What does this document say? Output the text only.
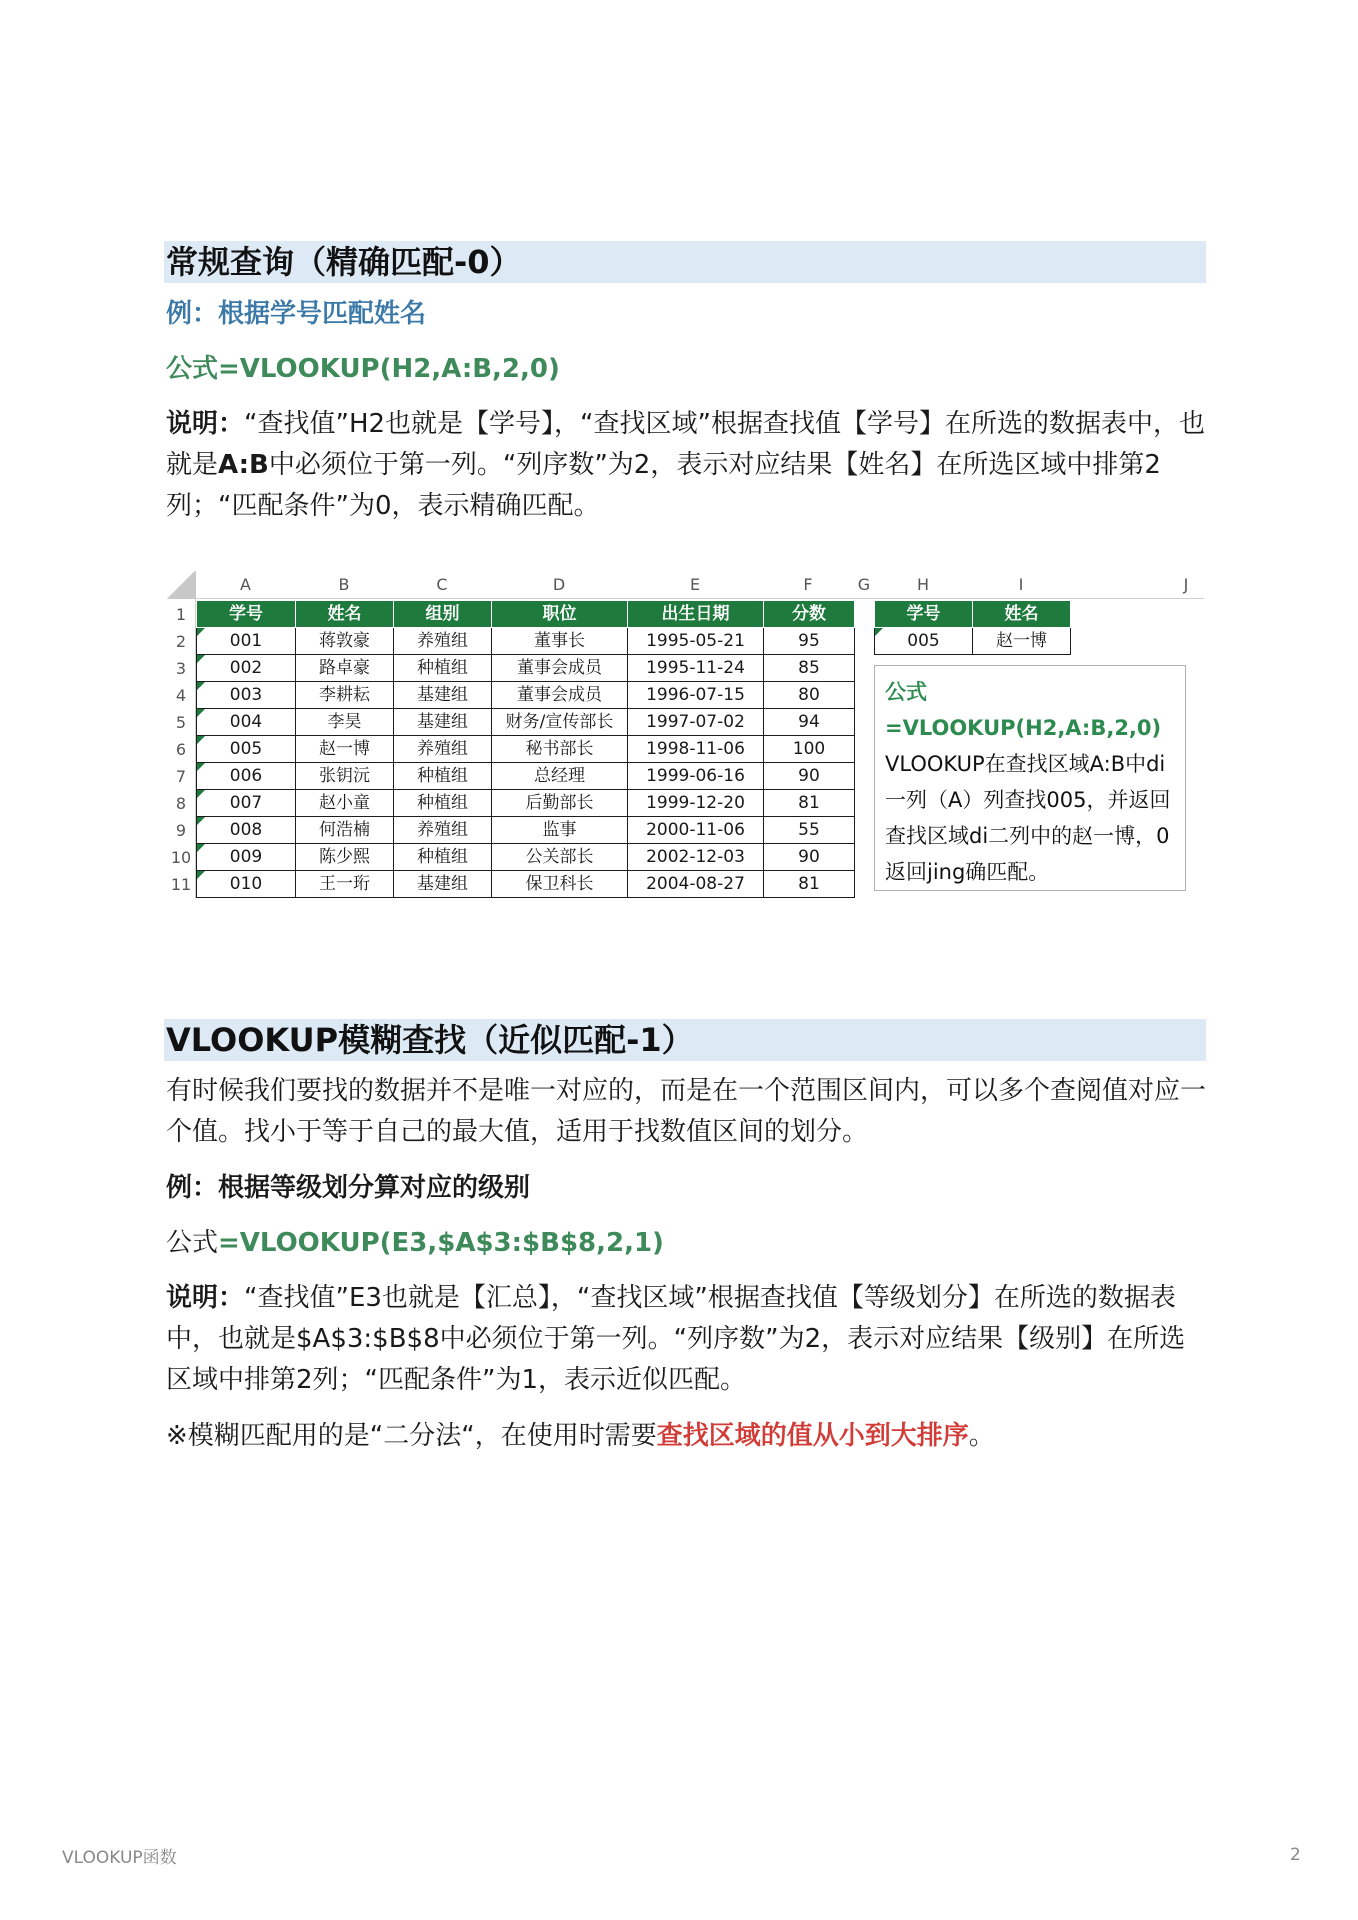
常规查询（精确匹配-0）
例：根据学号匹配姓名
公式=VLOOKUP(H2,A:B,2,0)
说明：“查找值”H2也就是【学号】，“查找区域”根据查找值【学号】在所选的数据表中，也就是A:B中必须位于第一列。“列序数”为2，表示对应结果【姓名】在所选区域中排第2列；“匹配条件”为0，表示精确匹配。
A	B	C	D	E	F	G	H	I	J
1
2
3
4
5
6
7
8
9
10
11
学号	姓名	组别	职位	出生日期	分数
001	蒋敦豪	养殖组	董事长	1995-05-21	95
002	路卓豪	种植组	董事会成员	1995-11-24	85
003	李耕耘	基建组	董事会成员	1996-07-15	80
004	李昊	基建组	财务/宣传部长	1997-07-02	94
005	赵一博	养殖组	秘书部长	1998-11-06	100
006	张钥沅	种植组	总经理	1999-06-16	90
007	赵小童	种植组	后勤部长	1999-12-20	81
008	何浩楠	养殖组	监事	2000-11-06	55
009	陈少熙	种植组	公关部长	2002-12-03	90
010	王一珩	基建组	保卫科长	2004-08-27	81
学号	姓名
005	赵一博
公式=VLOOKUP(H2,A:B,2,0)
VLOOKUP在查找区域A:B中di一列（A）列查找005，并返回查找区域di二列中的赵一博，0返回jing确匹配。
VLOOKUP模糊查找（近似匹配-1）
有时候我们要找的数据并不是唯一对应的，而是在一个范围区间内，可以多个查阅值对应一个值。找小于等于自己的最大值，适用于找数值区间的划分。
例：根据等级划分算对应的级别
公式=VLOOKUP(E3,$A$3:$B$8,2,1)
说明：“查找值”E3也就是【汇总】，“查找区域”根据查找值【等级划分】在所选的数据表中，也就是$A$3:$B$8中必须位于第一列。“列序数”为2，表示对应结果【级别】在所选区域中排第2列；“匹配条件”为1，表示近似匹配。
※模糊匹配用的是“二分法“，在使用时需要查找区域的值从小到大排序。
VLOOKUP函数	2
